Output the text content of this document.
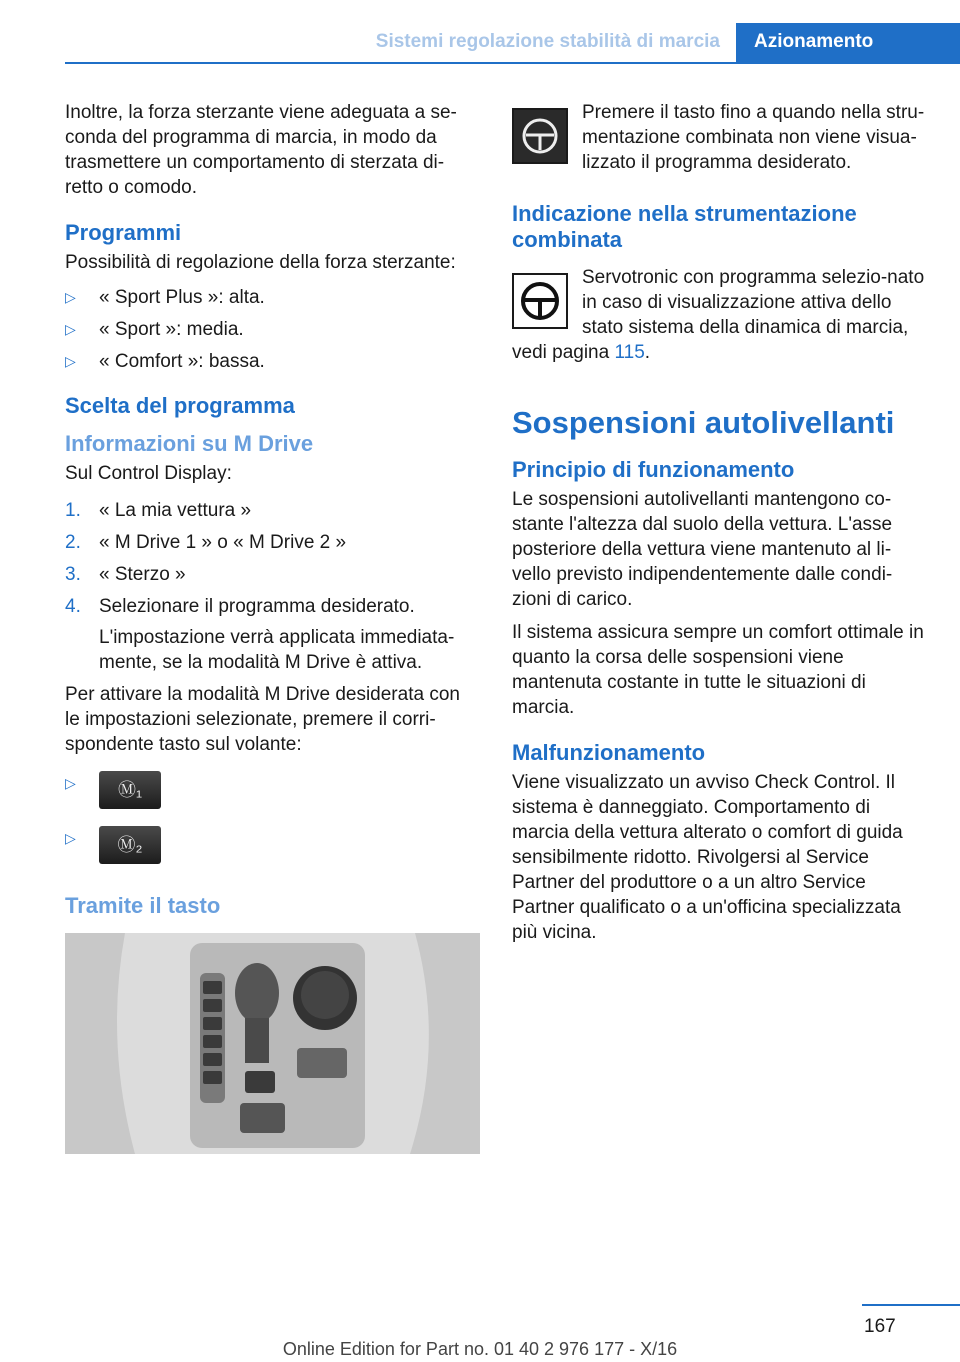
Sistemi regolazione stabilità di marcia	Azionamento

Inoltre, la forza sterzante viene adeguata a se-conda del programma di marcia, in modo da trasmettere un comportamento di sterzata di-retto o comodo.

Programmi

Possibilità di regolazione della forza sterzante:

▷ « Sport Plus »: alta.
▷ « Sport »: media.
▷ « Comfort »: bassa.
Scelta del programma
Informazioni su M Drive

Sul Control Display:

1. « La mia vettura »
2. « M Drive 1 » o « M Drive 2 »
3. « Sterzo »
4. Selezionare il programma desiderato.
L'impostazione verrà applicata immediata-mente, se la modalità M Drive è attiva.

Per attivare la modalità M Drive desiderata con le impostazioni selezionate, premere il corri-spondente tasto sul volante:

▷ Ⓜ₁
▷ Ⓜ₂
Tramite il tasto

Premere il tasto fino a quando nella stru-mentazione combinata non viene visua-lizzato il programma desiderato.

Indicazione nella strumentazione combinata

Servotronic con programma selezio-nato in caso di visualizzazione attiva dello stato sistema della dinamica di marcia, vedi pagina 115.

Sospensioni autolivellanti
Principio di funzionamento

Le sospensioni autolivellanti mantengono co-stante l'altezza dal suolo della vettura. L'asse posteriore della vettura viene mantenuto al li-vello previsto indipendentemente dalle condi-zioni di carico.

Il sistema assicura sempre un comfort ottimale in quanto la corsa delle sospensioni viene mantenuta costante in tutte le situazioni di marcia.

Malfunzionamento

Viene visualizzato un avviso Check Control. Il sistema è danneggiato. Comportamento di marcia della vettura alterato o comfort di guida sensibilmente ridotto. Rivolgersi al Service Partner del produttore o a un altro Service Partner qualificato o a un'officina specializzata più vicina.

167
Online Edition for Part no. 01 40 2 976 177 - X/16
